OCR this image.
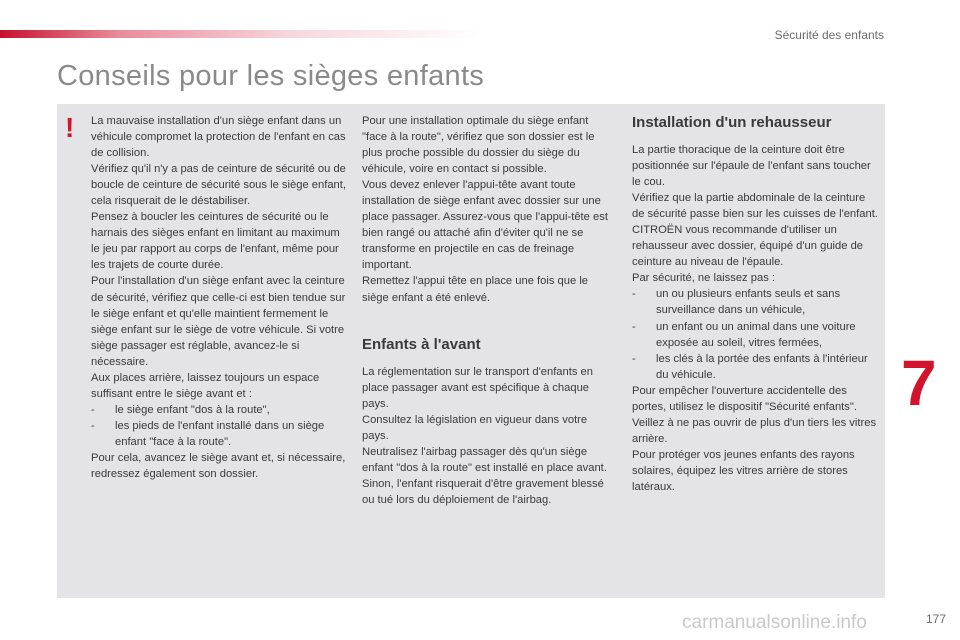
Sécurité des enfants
Conseils pour les sièges enfants
! La mauvaise installation d'un siège enfant dans un véhicule compromet la protection de l'enfant en cas de collision.

Vérifiez qu'il n'y a pas de ceinture de sécurité ou de boucle de ceinture de sécurité sous le siège enfant, cela risquerait de le déstabiliser.

Pensez à boucler les ceintures de sécurité ou le harnais des sièges enfant en limitant au maximum le jeu par rapport au corps de l'enfant, même pour les trajets de courte durée.

Pour l'installation d'un siège enfant avec la ceinture de sécurité, vérifiez que celle-ci est bien tendue sur le siège enfant et qu'elle maintient fermement le siège enfant sur le siège de votre véhicule. Si votre siège passager est réglable, avancez-le si nécessaire.

Aux places arrière, laissez toujours un espace suffisant entre le siège avant et :

- le siège enfant "dos à la route",
- les pieds de l'enfant installé dans un siège enfant "face à la route".

Pour cela, avancez le siège avant et, si nécessaire, redressez également son dossier.

Pour une installation optimale du siège enfant "face à la route", vérifiez que son dossier est le plus proche possible du dossier du siège du véhicule, voire en contact si possible.

Vous devez enlever l'appui-tête avant toute installation de siège enfant avec dossier sur une place passager. Assurez-vous que l'appui-tête est bien rangé ou attaché afin d'éviter qu'il ne se transforme en projectile en cas de freinage important.

Remettez l'appui tête en place une fois que le siège enfant a été enlevé.

Enfants à l'avant

La réglementation sur le transport d'enfants en place passager avant est spécifique à chaque pays.

Consultez la législation en vigueur dans votre pays.

Neutralisez l'airbag passager dès qu'un siège enfant "dos à la route" est installé en place avant.

Sinon, l'enfant risquerait d'être gravement blessé ou tué lors du déploiement de l'airbag.

Installation d'un rehausseur

La partie thoracique de la ceinture doit être positionnée sur l'épaule de l'enfant sans toucher le cou.

Vérifiez que la partie abdominale de la ceinture de sécurité passe bien sur les cuisses de l'enfant.

CITROËN vous recommande d'utiliser un rehausseur avec dossier, équipé d'un guide de ceinture au niveau de l'épaule.

Par sécurité, ne laissez pas :

- un ou plusieurs enfants seuls et sans surveillance dans un véhicule,
- un enfant ou un animal dans une voiture exposée au soleil, vitres fermées,
- les clés à la portée des enfants à l'intérieur du véhicule.

Pour empêcher l'ouverture accidentelle des portes, utilisez le dispositif "Sécurité enfants".

Veillez à ne pas ouvrir de plus d'un tiers les vitres arrière.

Pour protéger vos jeunes enfants des rayons solaires, équipez les vitres arrière de stores latéraux.

7
carmanualsonline.info	177
